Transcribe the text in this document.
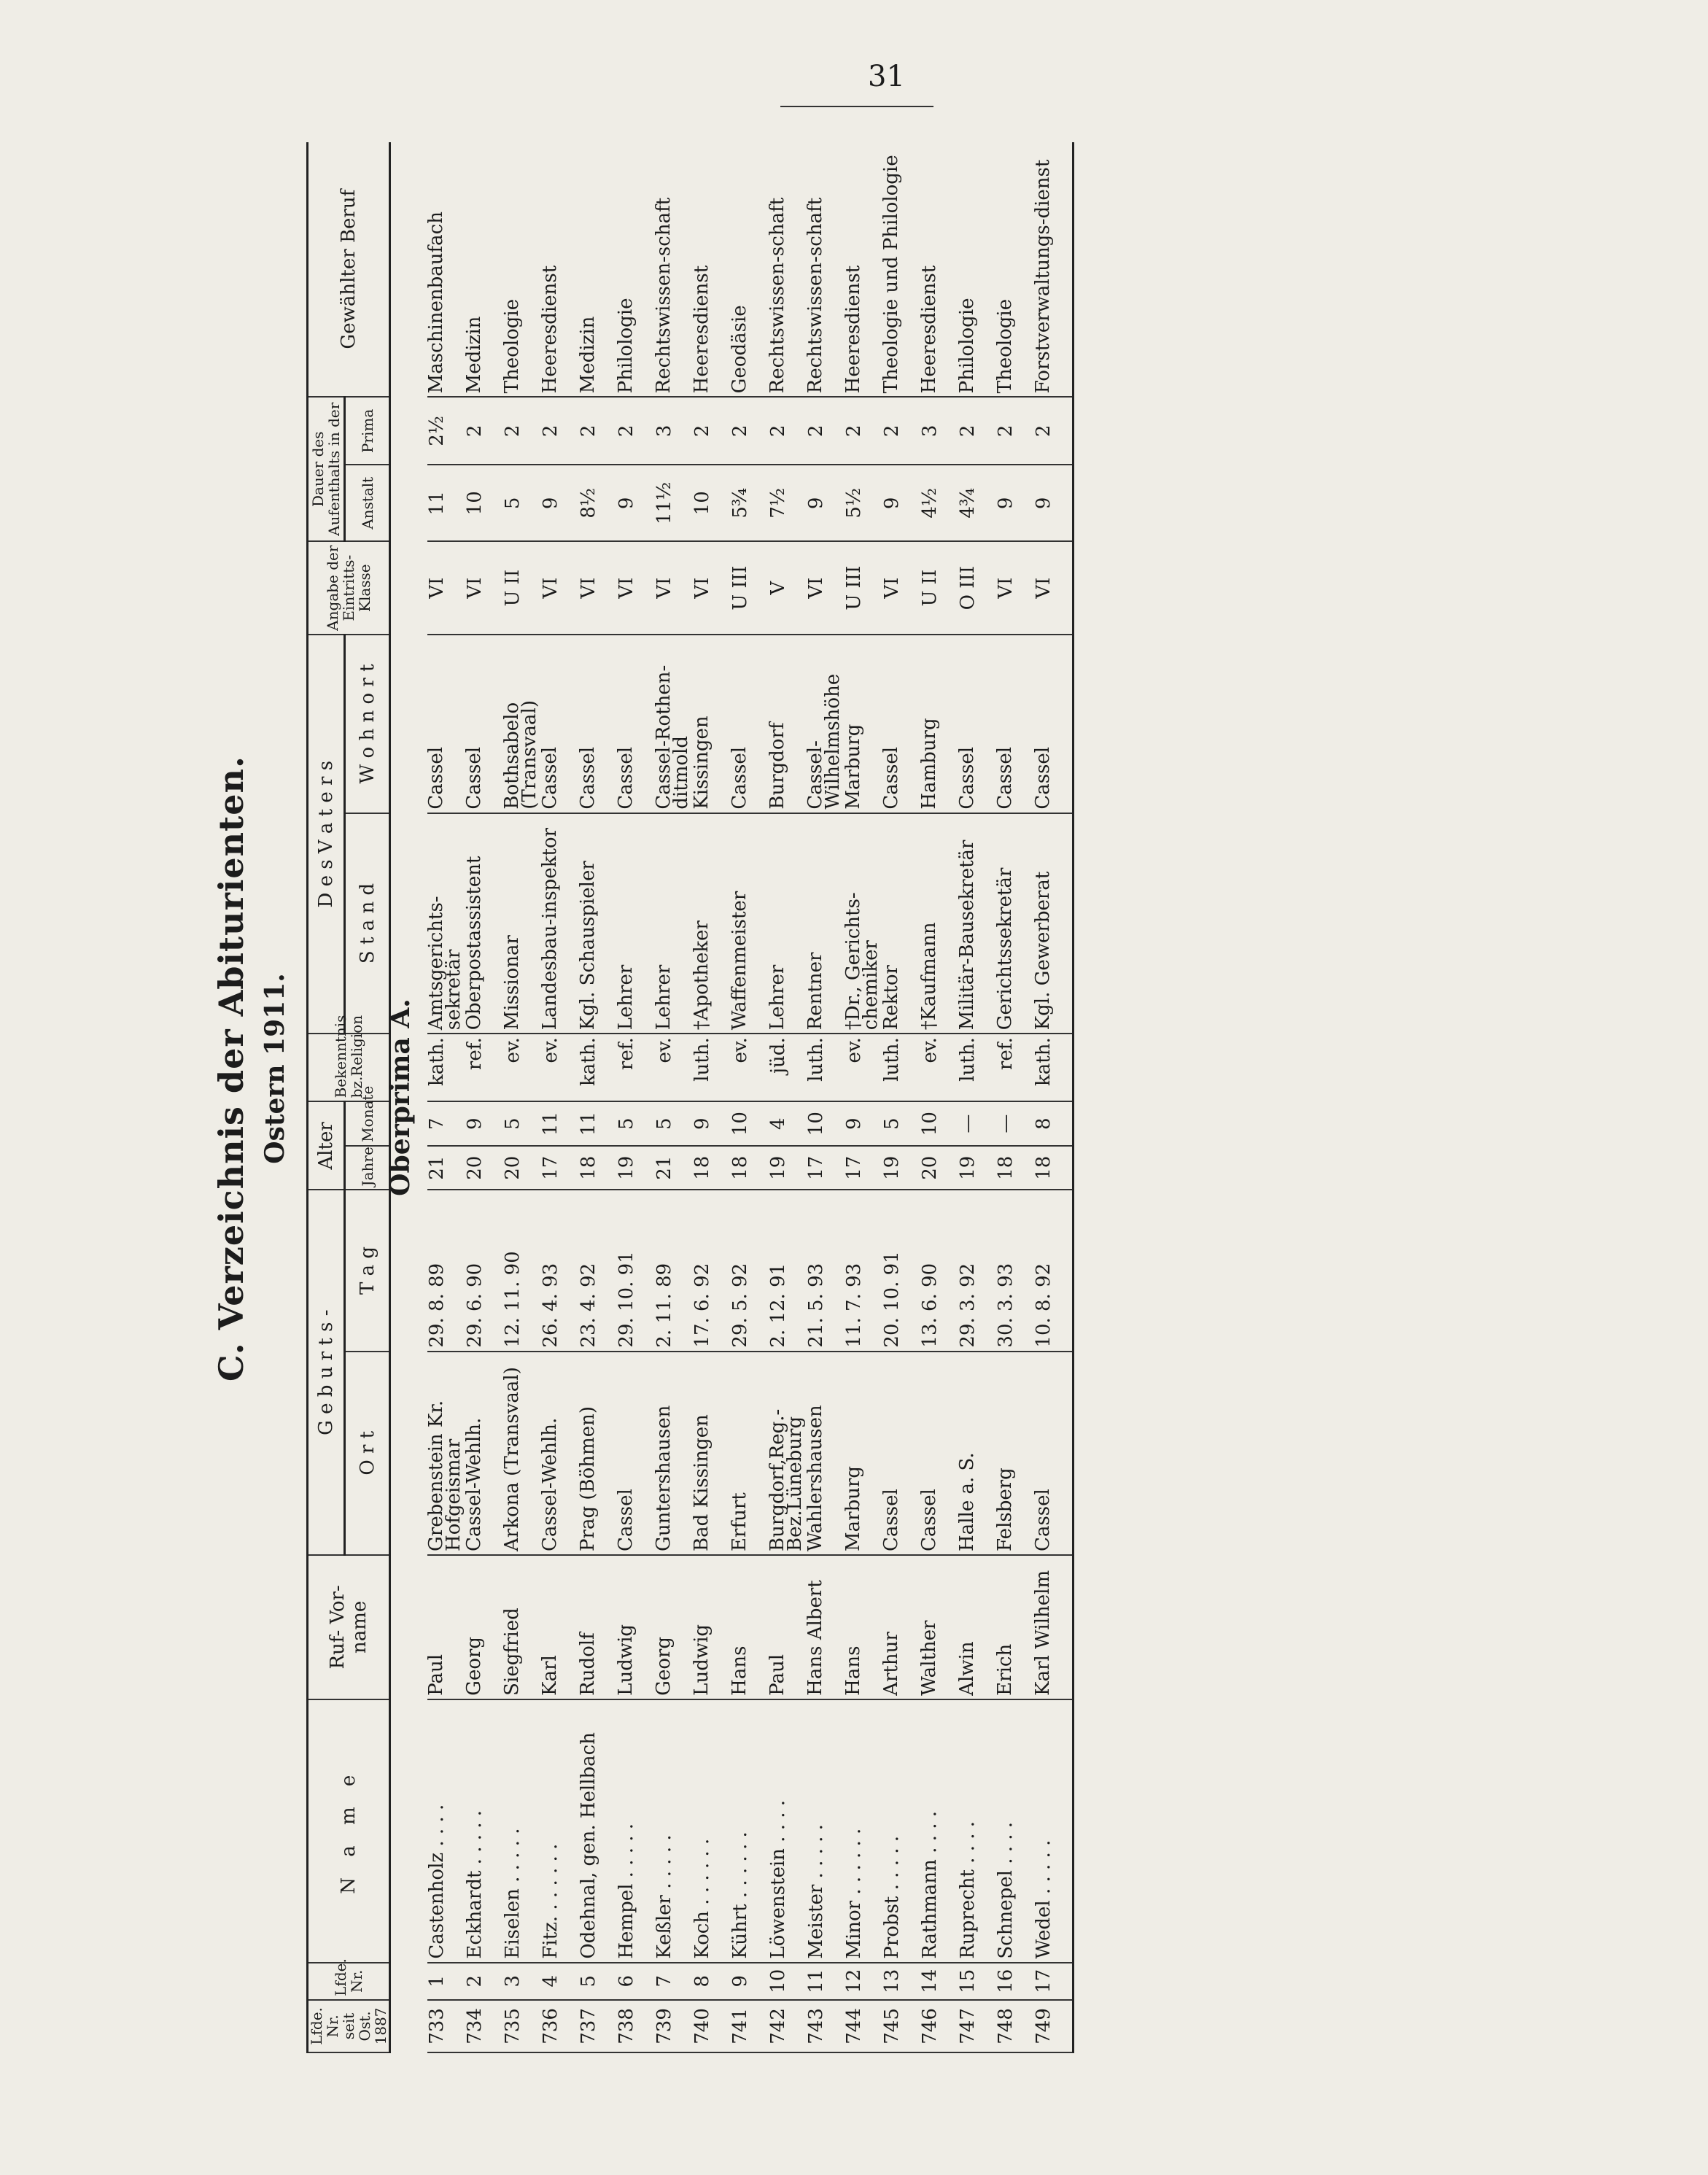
31
C. Verzeichnis der Abiturienten. Ostern 1911.
Lfde. Nr. seit Ost. 1887	Lfde. Nr.	N a m e	Ruf- Vor- name	G e b u r t s -		Alter		Bekenntnis bz.Religion	D e s V a t e r s		Angabe der Eintritts- Klasse	Dauer des Aufenthalts in der		Gewählter Beruf
				O r t	T a g	Jahre	Monate		S t a n d	W o h n o r t		Anstalt	Prima	
Oberprima A.														
733	1	Castenholz . . . .	Paul	Grebenstein Kr. Hofgeismar	29. 8. 89	21	7	kath.	Amtsgerichts-sekretär	Cassel	VI	11	2½	Maschinenbaufach
734	2	Eckhardt . . . . .	Georg	Cassel-Wehlh.	29. 6. 90	20	9	ref.	Oberpostassistent	Cassel	VI	10	2	Medizin
735	3	Eiselen . . . . .	Siegfried	Arkona (Transvaal)	12. 11. 90	20	5	ev.	Missionar	Bothsabelo (Transvaal)	U II	5	2	Theologie
736	4	Fitz. . . . . . .	Karl	Cassel-Wehlh.	26. 4. 93	17	11	ev.	Landesbau-inspektor	Cassel	VI	9	2	Heeresdienst
737	5	Odehnal, gen. Hellbach	Rudolf	Prag (Böhmen)	23. 4. 92	18	11	kath.	Kgl. Schauspieler	Cassel	VI	8½	2	Medizin
738	6	Hempel . . . . .	Ludwig	Cassel	29. 10. 91	19	5	ref.	Lehrer	Cassel	VI	9	2	Philologie
739	7	Keßler . . . . .	Georg	Guntershausen	2. 11. 89	21	5	ev.	Lehrer	Cassel-Rothen-ditmold	VI	11½	3	Rechtswissen-schaft
740	8	Koch . . . . . .	Ludwig	Bad Kissingen	17. 6. 92	18	9	luth.	†Apotheker	Kissingen	VI	10	2	Heeresdienst
741	9	Kührt . . . . . .	Hans	Erfurt	29. 5. 92	18	10	ev.	Waffenmeister	Cassel	U III	5¾	2	Geodäsie
742	10	Löwenstein . . . .	Paul	Burgdorf,Reg.-Bez.Lüneburg	2. 12. 91	19	4	jüd.	Lehrer	Burgdorf	V	7½	2	Rechtswissen-schaft
743	11	Meister . . . . .	Hans Albert	Wahlershausen	21. 5. 93	17	10	luth.	Rentner	Cassel-Wilhelmshöhe	VI	9	2	Rechtswissen-schaft
744	12	Minor . . . . . .	Hans	Marburg	11. 7. 93	17	9	ev.	†Dr., Gerichts-chemiker	Marburg	U III	5½	2	Heeresdienst
745	13	Probst . . . . .	Arthur	Cassel	20. 10. 91	19	5	luth.	Rektor	Cassel	VI	9	2	Theologie und Philologie
746	14	Rathmann . . . .	Walther	Cassel	13. 6. 90	20	10	ev.	†Kaufmann	Hamburg	U II	4½	3	Heeresdienst
747	15	Ruprecht . . . .	Alwin	Halle a. S.	29. 3. 92	19	—	luth.	Militär-Bausekretär	Cassel	O III	4¾	2	Philologie
748	16	Schnepel . . . .	Erich	Felsberg	30. 3. 93	18	—	ref.	Gerichtssekretär	Cassel	VI	9	2	Theologie
749	17	Wedel . . . . .	Karl Wilhelm	Cassel	10. 8. 92	18	8	kath.	Kgl. Gewerberat	Cassel	VI	9	2	Forstverwaltungs-dienst
